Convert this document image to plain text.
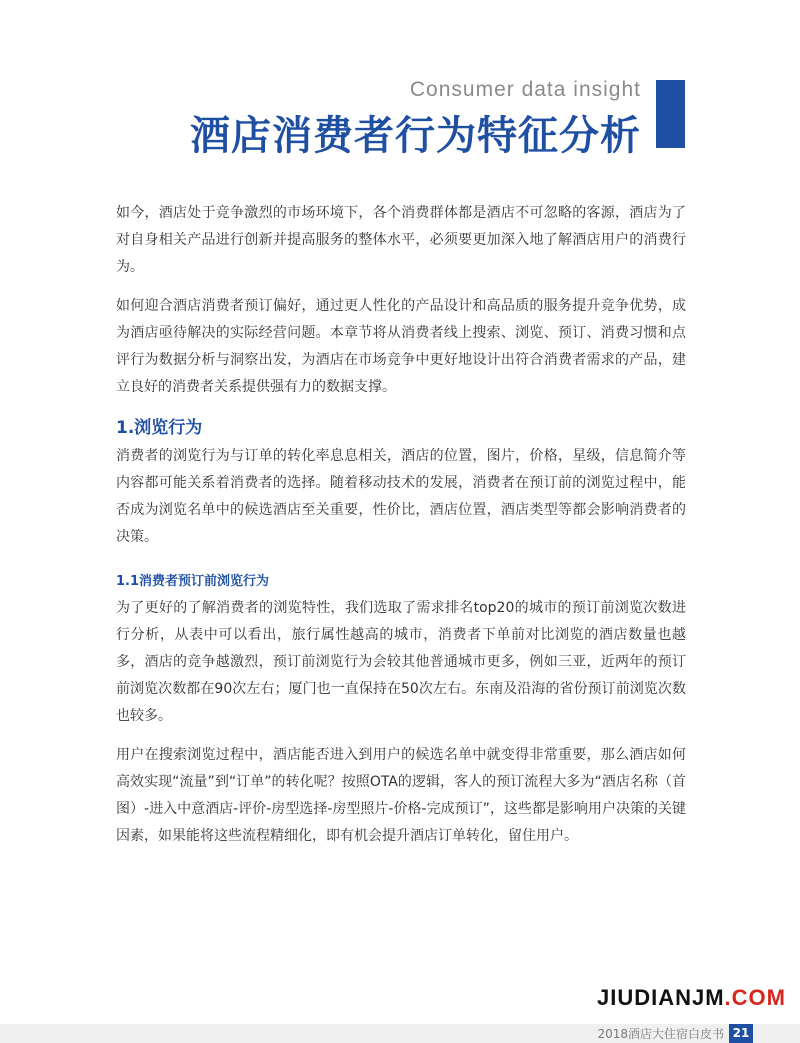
Consumer data insight
酒店消费者行为特征分析

如今，酒店处于竞争激烈的市场环境下，各个消费群体都是酒店不可忽略的客源，酒店为了对自身相关产品进行创新并提高服务的整体水平，必须要更加深入地了解酒店用户的消费行为。

如何迎合酒店消费者预订偏好，通过更人性化的产品设计和高品质的服务提升竞争优势，成为酒店亟待解决的实际经营问题。本章节将从消费者线上搜索、浏览、预订、消费习惯和点评行为数据分析与洞察出发，为酒店在市场竞争中更好地设计出符合消费者需求的产品，建立良好的消费者关系提供强有力的数据支撑。

1.浏览行为

消费者的浏览行为与订单的转化率息息相关，酒店的位置，图片，价格，星级，信息简介等内容都可能关系着消费者的选择。随着移动技术的发展，消费者在预订前的浏览过程中，能否成为浏览名单中的候选酒店至关重要，性价比，酒店位置，酒店类型等都会影响消费者的决策。

1.1消费者预订前浏览行为

为了更好的了解消费者的浏览特性，我们选取了需求排名top20的城市的预订前浏览次数进行分析，从表中可以看出，旅行属性越高的城市，消费者下单前对比浏览的酒店数量也越多，酒店的竞争越激烈，预订前浏览行为会较其他普通城市更多，例如三亚，近两年的预订前浏览次数都在90次左右；厦门也一直保持在50次左右。东南及沿海的省份预订前浏览次数也较多。

用户在搜索浏览过程中，酒店能否进入到用户的候选名单中就变得非常重要，那么酒店如何高效实现“流量”到“订单”的转化呢？按照OTA的逻辑，客人的预订流程大多为“酒店名称（首图）-进入中意酒店-评价-房型选择-房型照片-价格-完成预订”，这些都是影响用户决策的关键因素，如果能将这些流程精细化，即有机会提升酒店订单转化，留住用户。

JIUDIANJM.COM
2018酒店大住宿白皮书 21
